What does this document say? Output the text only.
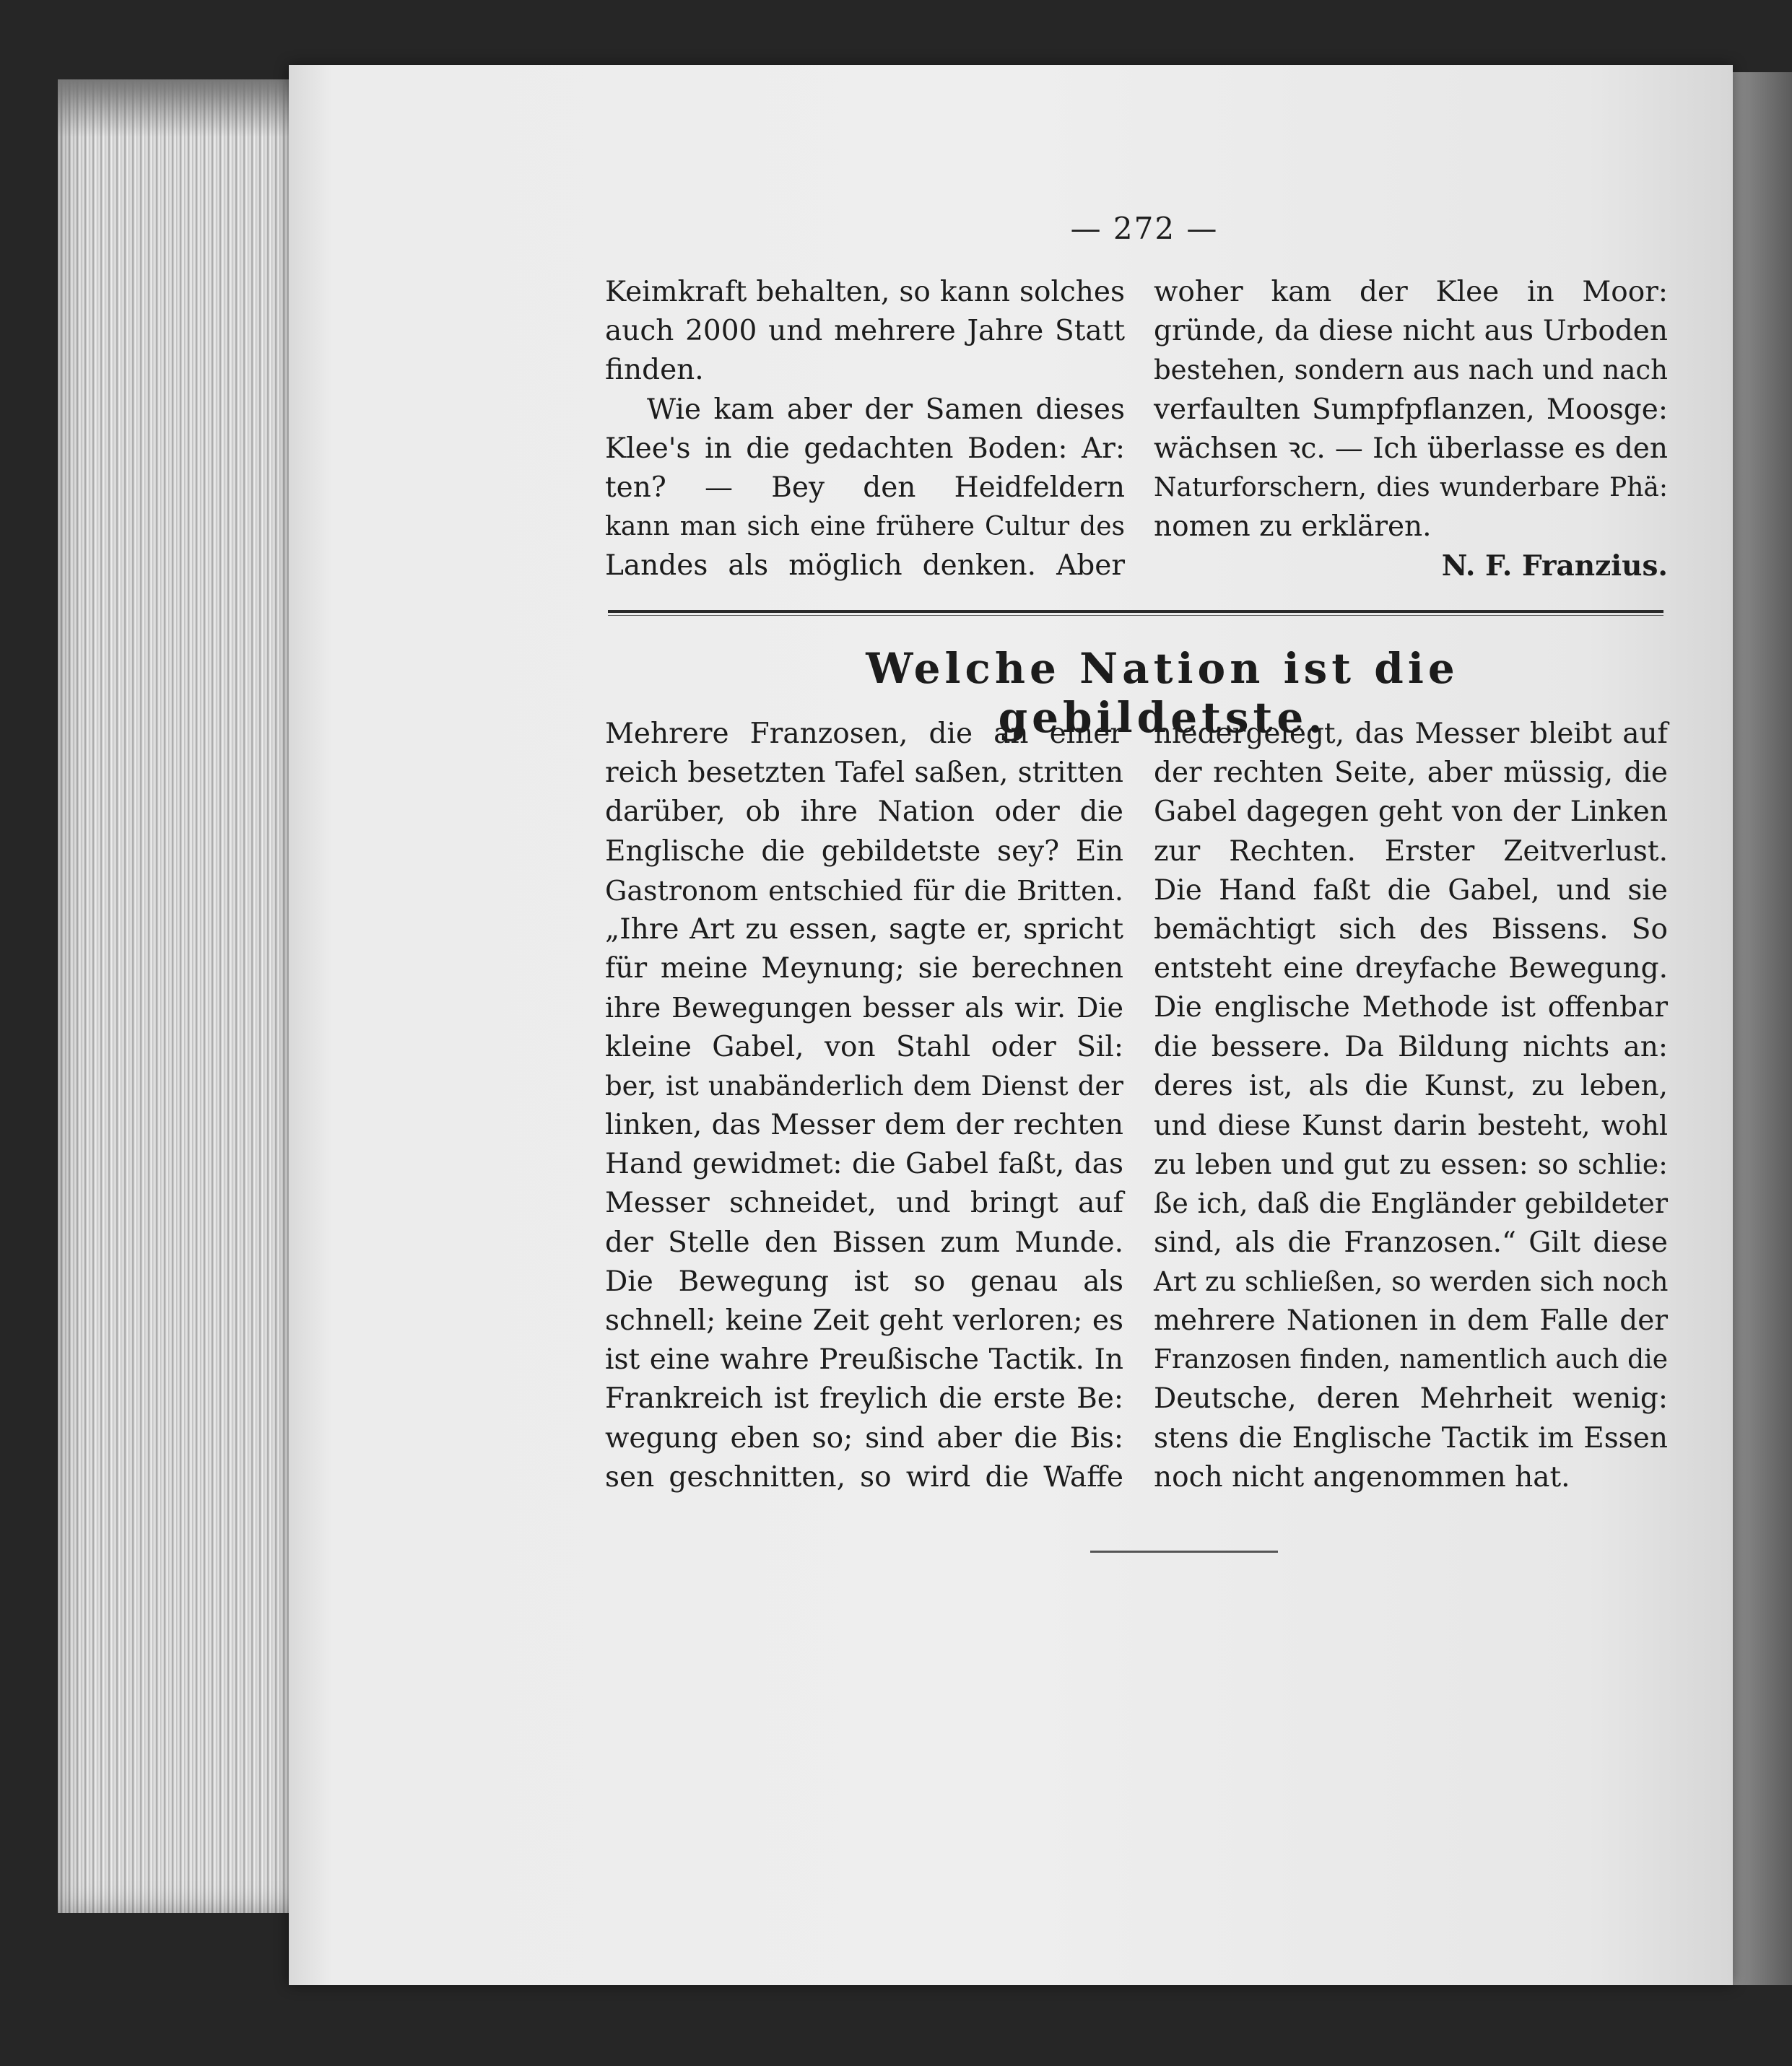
— 272 —
Keimkraft behalten, so kann solches
auch 2000 und mehrere Jahre Statt
finden.
Wie kam aber der Samen dieses
Klee's in die gedachten Boden: Ar:
ten? — Bey den Heidfeldern
kann man sich eine frühere Cultur des
Landes als möglich denken. Aber
woher kam der Klee in Moor:
gründe, da diese nicht aus Urboden
bestehen, sondern aus nach und nach
verfaulten Sumpfpflanzen, Moosge:
wächsen ꝛc. — Ich überlasse es den
Naturforschern, dies wunderbare Phä:
nomen zu erklären.
N. F. Franzius.
Welche Nation ist die gebildetste.
Mehrere Franzosen, die an einer
reich besetzten Tafel saßen, stritten
darüber, ob ihre Nation oder die
Englische die gebildetste sey? Ein
Gastronom entschied für die Britten.
„Ihre Art zu essen, sagte er, spricht
für meine Meynung; sie berechnen
ihre Bewegungen besser als wir. Die
kleine Gabel, von Stahl oder Sil:
ber, ist unabänderlich dem Dienst der
linken, das Messer dem der rechten
Hand gewidmet: die Gabel faßt, das
Messer schneidet, und bringt auf
der Stelle den Bissen zum Munde.
Die Bewegung ist so genau als
schnell; keine Zeit geht verloren; es
ist eine wahre Preußische Tactik. In
Frankreich ist freylich die erste Be:
wegung eben so; sind aber die Bis:
sen geschnitten, so wird die Waffe
niedergelegt, das Messer bleibt auf
der rechten Seite, aber müssig, die
Gabel dagegen geht von der Linken
zur Rechten. Erster Zeitverlust.
Die Hand faßt die Gabel, und sie
bemächtigt sich des Bissens. So
entsteht eine dreyfache Bewegung.
Die englische Methode ist offenbar
die bessere. Da Bildung nichts an:
deres ist, als die Kunst, zu leben,
und diese Kunst darin besteht, wohl
zu leben und gut zu essen: so schlie:
ße ich, daß die Engländer gebildeter
sind, als die Franzosen.“ Gilt diese
Art zu schließen, so werden sich noch
mehrere Nationen in dem Falle der
Franzosen finden, namentlich auch die
Deutsche, deren Mehrheit wenig:
stens die Englische Tactik im Essen
noch nicht angenommen hat.
